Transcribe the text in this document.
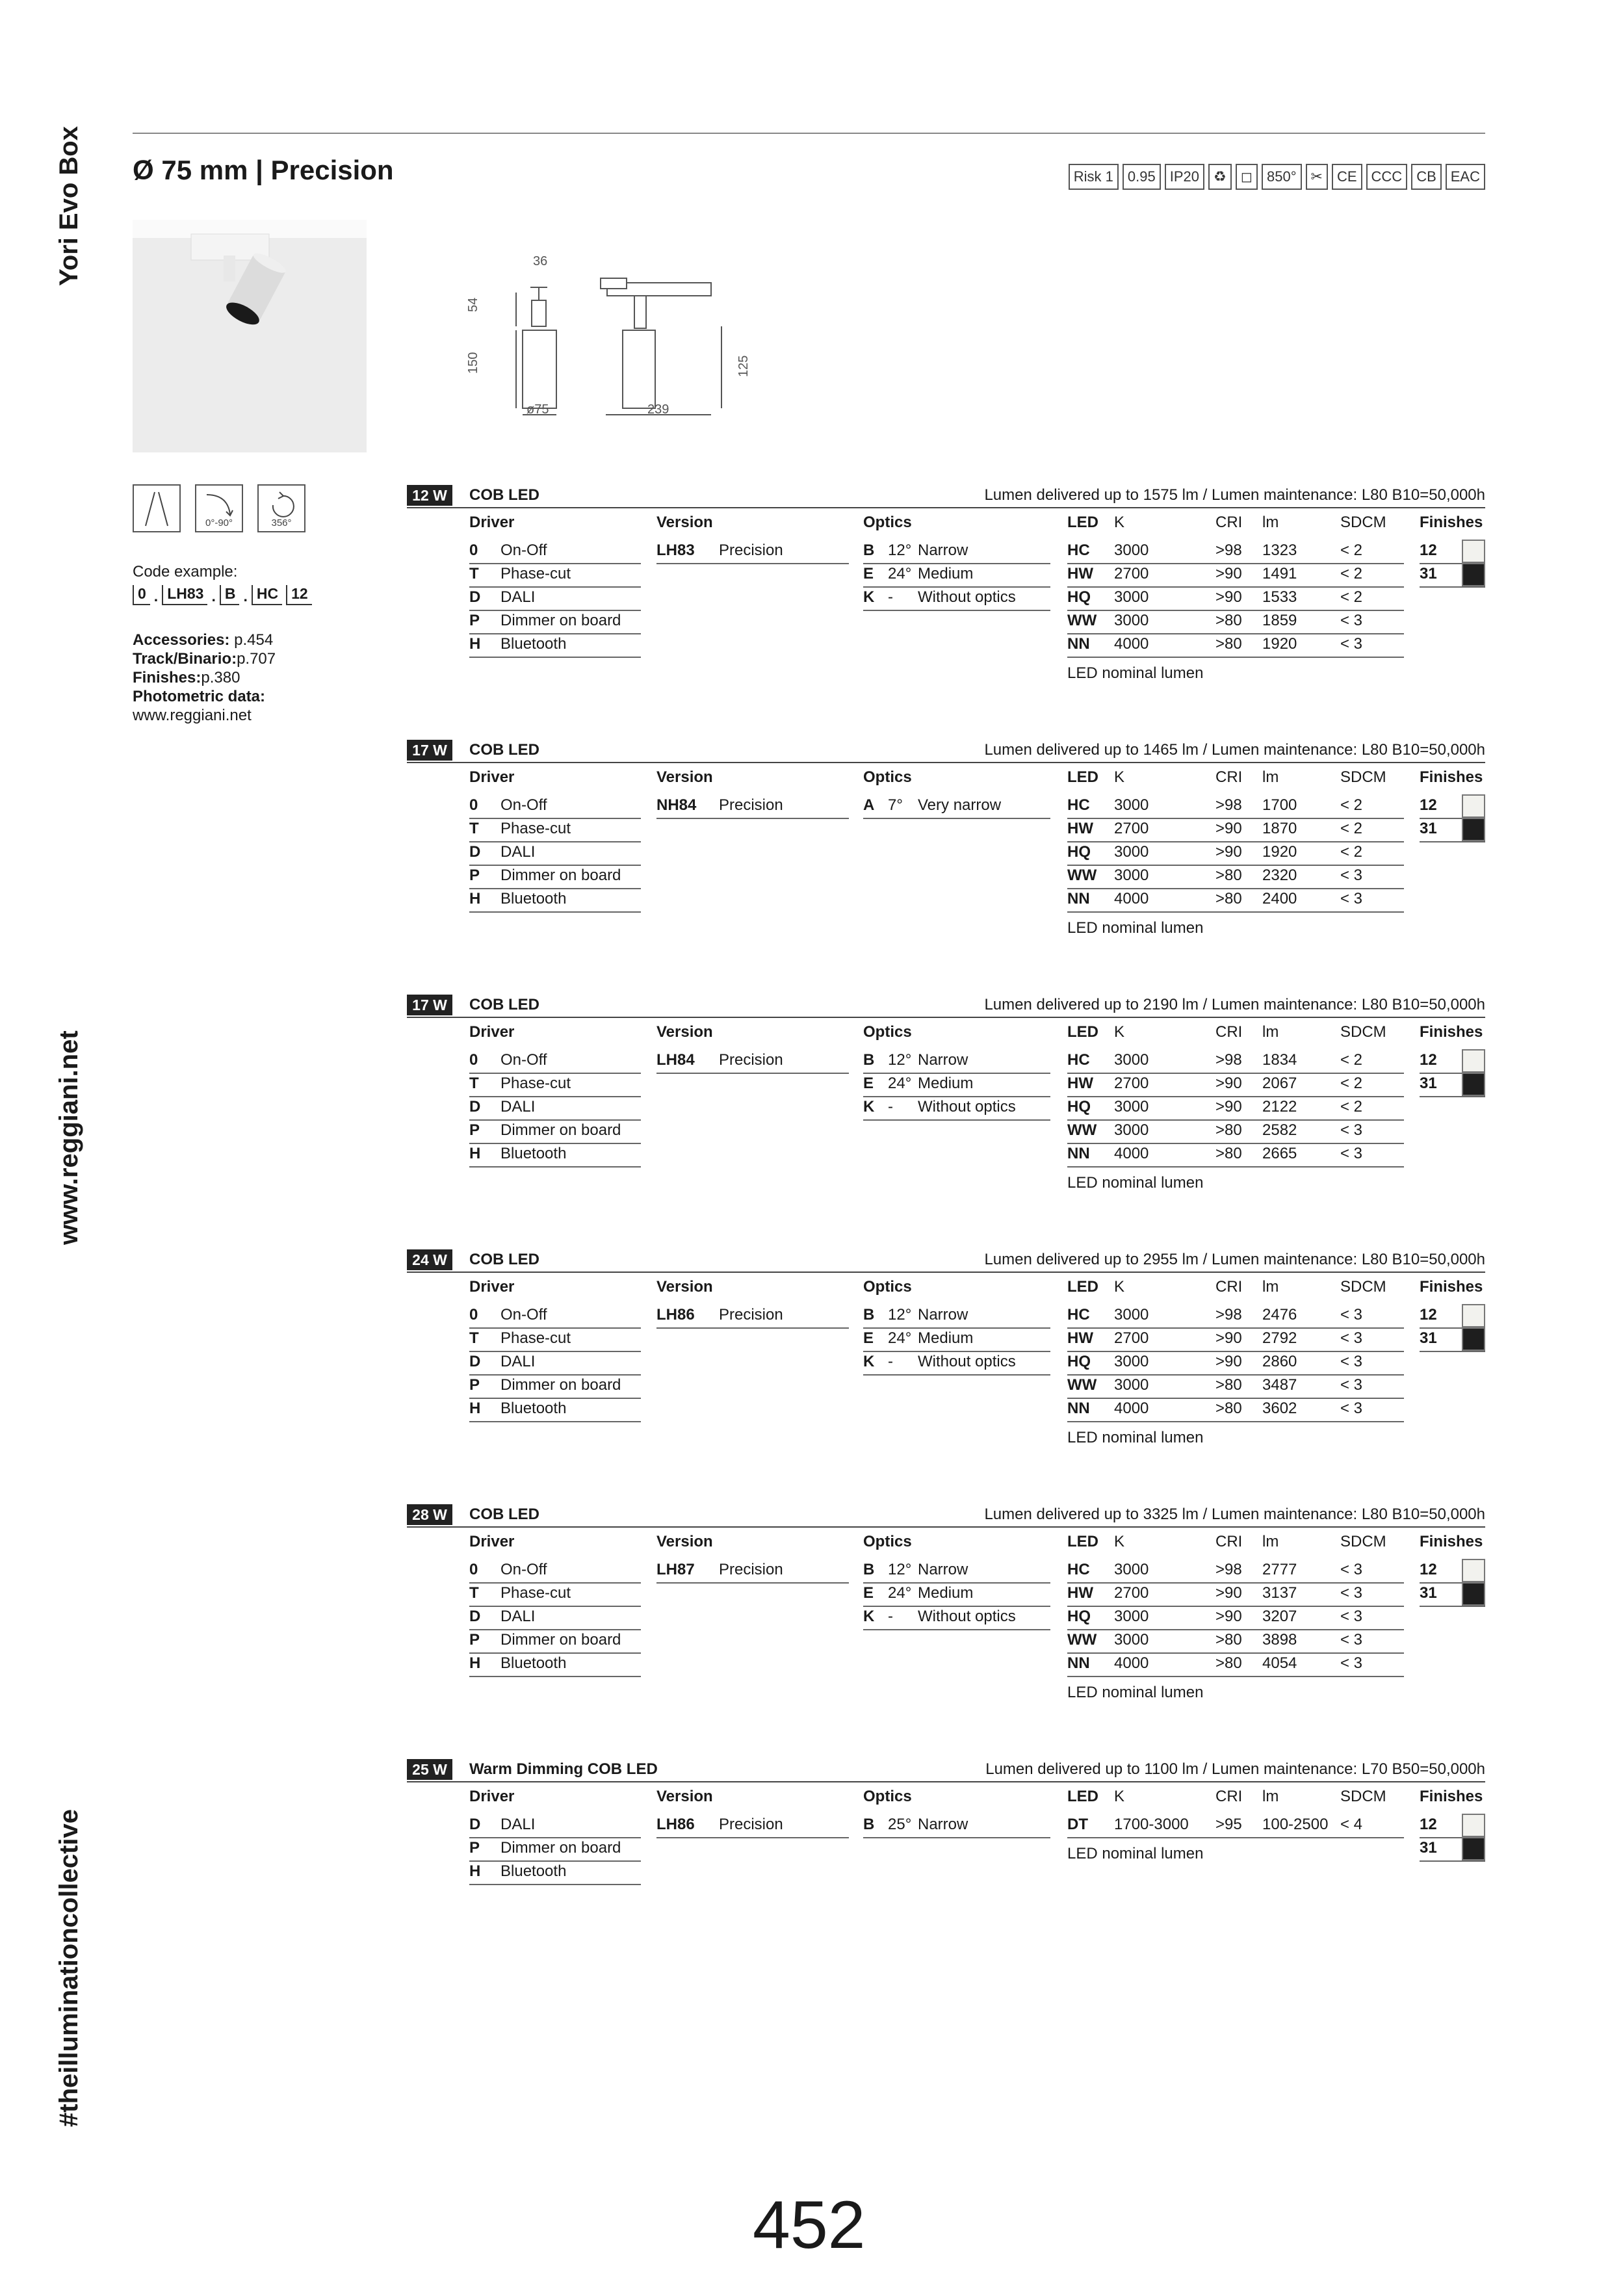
Yori Evo Box
www.reggiani.net
#theilluminationcollective
Ø 75 mm | Precision	Risk 1	0.95	IP20	♻	◻	850°	✂	CE	CCC	CB	EAC
36
54
150
ø75	239
125
0°-90°	356°
Code example:
0 . LH83 . B . HC 12
Accessories: p.454
Track/Binario:p.707
Finishes:p.380
Photometric data:
www.reggiani.net
12 W	COB LED	Lumen delivered up to 1575 lm / Lumen maintenance: L80 B10=50,000h
Driver	Version	Optics	LED K	CRI lm	SDCM Finishes
0 On-Off
T Phase-cut
D DALI
P Dimmer on board
H Bluetooth
LH83 Precision	B 12° Narrow
E 24° Medium
K - Without optics
HC 3000	>98 1323	< 2
HW 2700	>90 1491	< 2
HQ 3000	>90 1533	< 2
WW 3000	>80 1859	< 3
NN 4000	>80 1920	< 3
LED nominal lumen
12
31
17 W	COB LED	Lumen delivered up to 1465 lm / Lumen maintenance: L80 B10=50,000h
Driver	Version	Optics	LED K	CRI lm	SDCM Finishes
0 On-Off
T Phase-cut
D DALI
P Dimmer on board
H Bluetooth
NH84 Precision	A 7° Very narrow	HC 3000	>98 1700	< 2
HW 2700	>90 1870	< 2
HQ 3000	>90 1920	< 2
WW 3000	>80 2320	< 3
NN 4000	>80 2400	< 3
LED nominal lumen
12
31
17 W	COB LED	Lumen delivered up to 2190 lm / Lumen maintenance: L80 B10=50,000h
Driver	Version	Optics	LED K	CRI lm	SDCM Finishes
0 On-Off
T Phase-cut
D DALI
P Dimmer on board
H Bluetooth
LH84 Precision	B 12° Narrow
E 24° Medium
K - Without optics
HC 3000	>98 1834	< 2
HW 2700	>90 2067	< 2
HQ 3000	>90 2122	< 2
WW 3000	>80 2582	< 3
NN 4000	>80 2665	< 3
LED nominal lumen
12
31
24 W	COB LED	Lumen delivered up to 2955 lm / Lumen maintenance: L80 B10=50,000h
Driver	Version	Optics	LED K	CRI lm	SDCM Finishes
0 On-Off
T Phase-cut
D DALI
P Dimmer on board
H Bluetooth
LH86 Precision	B 12° Narrow
E 24° Medium
K - Without optics
HC 3000	>98 2476	< 3
HW 2700	>90 2792	< 3
HQ 3000	>90 2860	< 3
WW 3000	>80 3487	< 3
NN 4000	>80 3602	< 3
LED nominal lumen
12
31
28 W	COB LED	Lumen delivered up to 3325 lm / Lumen maintenance: L80 B10=50,000h
Driver	Version	Optics	LED K	CRI lm	SDCM Finishes
0 On-Off
T Phase-cut
D DALI
P Dimmer on board
H Bluetooth
LH87 Precision	B 12° Narrow
E 24° Medium
K - Without optics
HC 3000	>98 2777	< 3
HW 2700	>90 3137	< 3
HQ 3000	>90 3207	< 3
WW 3000	>80 3898	< 3
NN 4000	>80 4054	< 3
LED nominal lumen
12
31
25 W	Warm Dimming COB LED	Lumen delivered up to 1100 lm / Lumen maintenance: L70 B50=50,000h
Driver	Version	Optics	LED K	CRI lm	SDCM Finishes
D DALI
P Dimmer on board
H Bluetooth
LH86 Precision	B 25° Narrow	DT 1700-3000 >95 100-2500 < 4
LED nominal lumen
12
31
452
